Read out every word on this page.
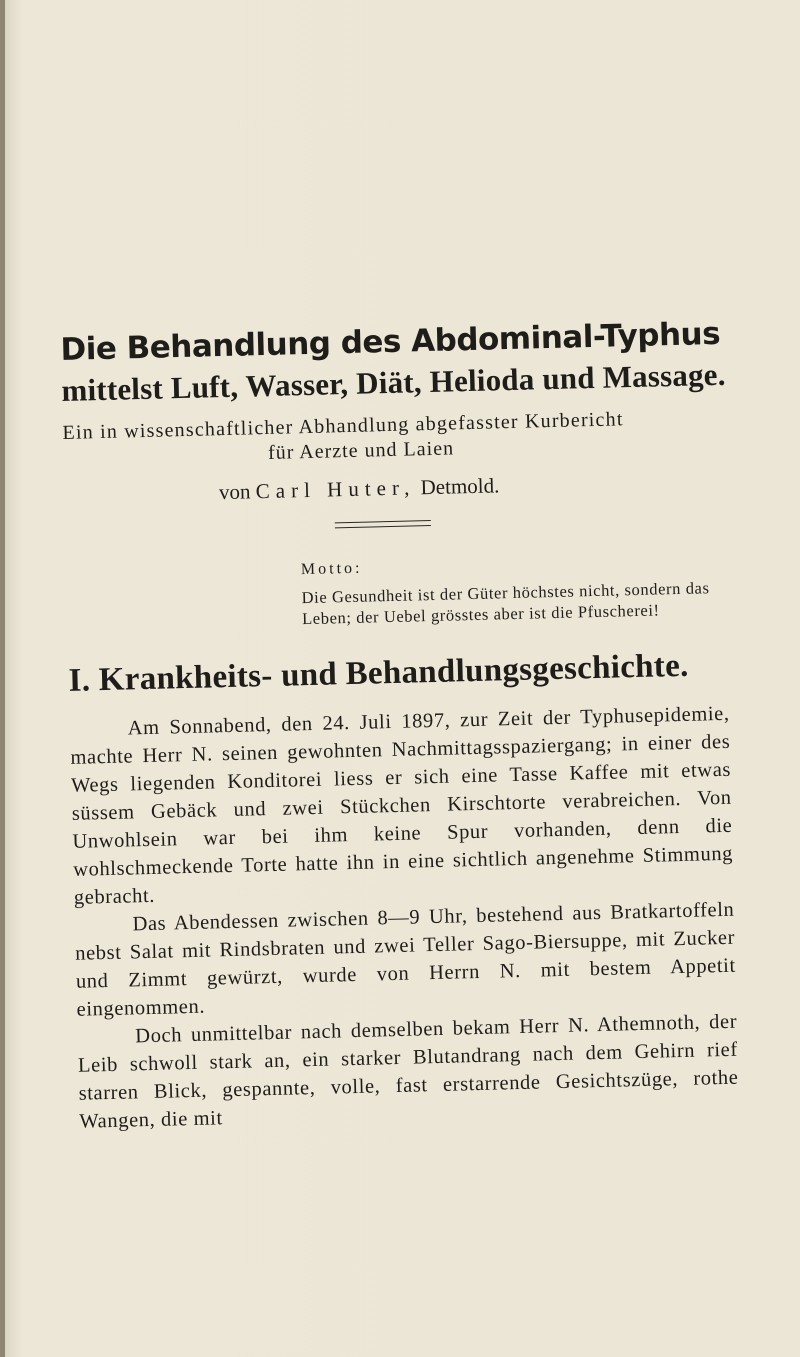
Die Behandlung des Abdominal-Typhus
mittelst Luft, Wasser, Diät, Helioda und Massage.
Ein in wissenschaftlicher Abhandlung abgefasster Kurbericht
für Aerzte und Laien
von Carl Huter, Detmold.
Motto:
Die Gesundheit ist der Güter höchstes nicht, sondern das Leben; der Uebel grösstes aber ist die Pfuscherei!
I. Krankheits- und Behandlungsgeschichte.

Am Sonnabend, den 24. Juli 1897, zur Zeit der Typhusepidemie, machte Herr N. seinen gewohnten Nachmittagsspaziergang; in einer des Wegs liegenden Konditorei liess er sich eine Tasse Kaffee mit etwas süssem Gebäck und zwei Stückchen Kirschtorte verabreichen. Von Unwohlsein war bei ihm keine Spur vorhanden, denn die wohlschmeckende Torte hatte ihn in eine sichtlich angenehme Stimmung gebracht.

Das Abendessen zwischen 8—9 Uhr, bestehend aus Bratkartoffeln nebst Salat mit Rindsbraten und zwei Teller Sago-Biersuppe, mit Zucker und Zimmt gewürzt, wurde von Herrn N. mit bestem Appetit eingenommen.

Doch unmittelbar nach demselben bekam Herr N. Athemnoth, der Leib schwoll stark an, ein starker Blutandrang nach dem Gehirn rief starren Blick, gespannte, volle, fast erstarrende Gesichtszüge, rothe Wangen, die mit
